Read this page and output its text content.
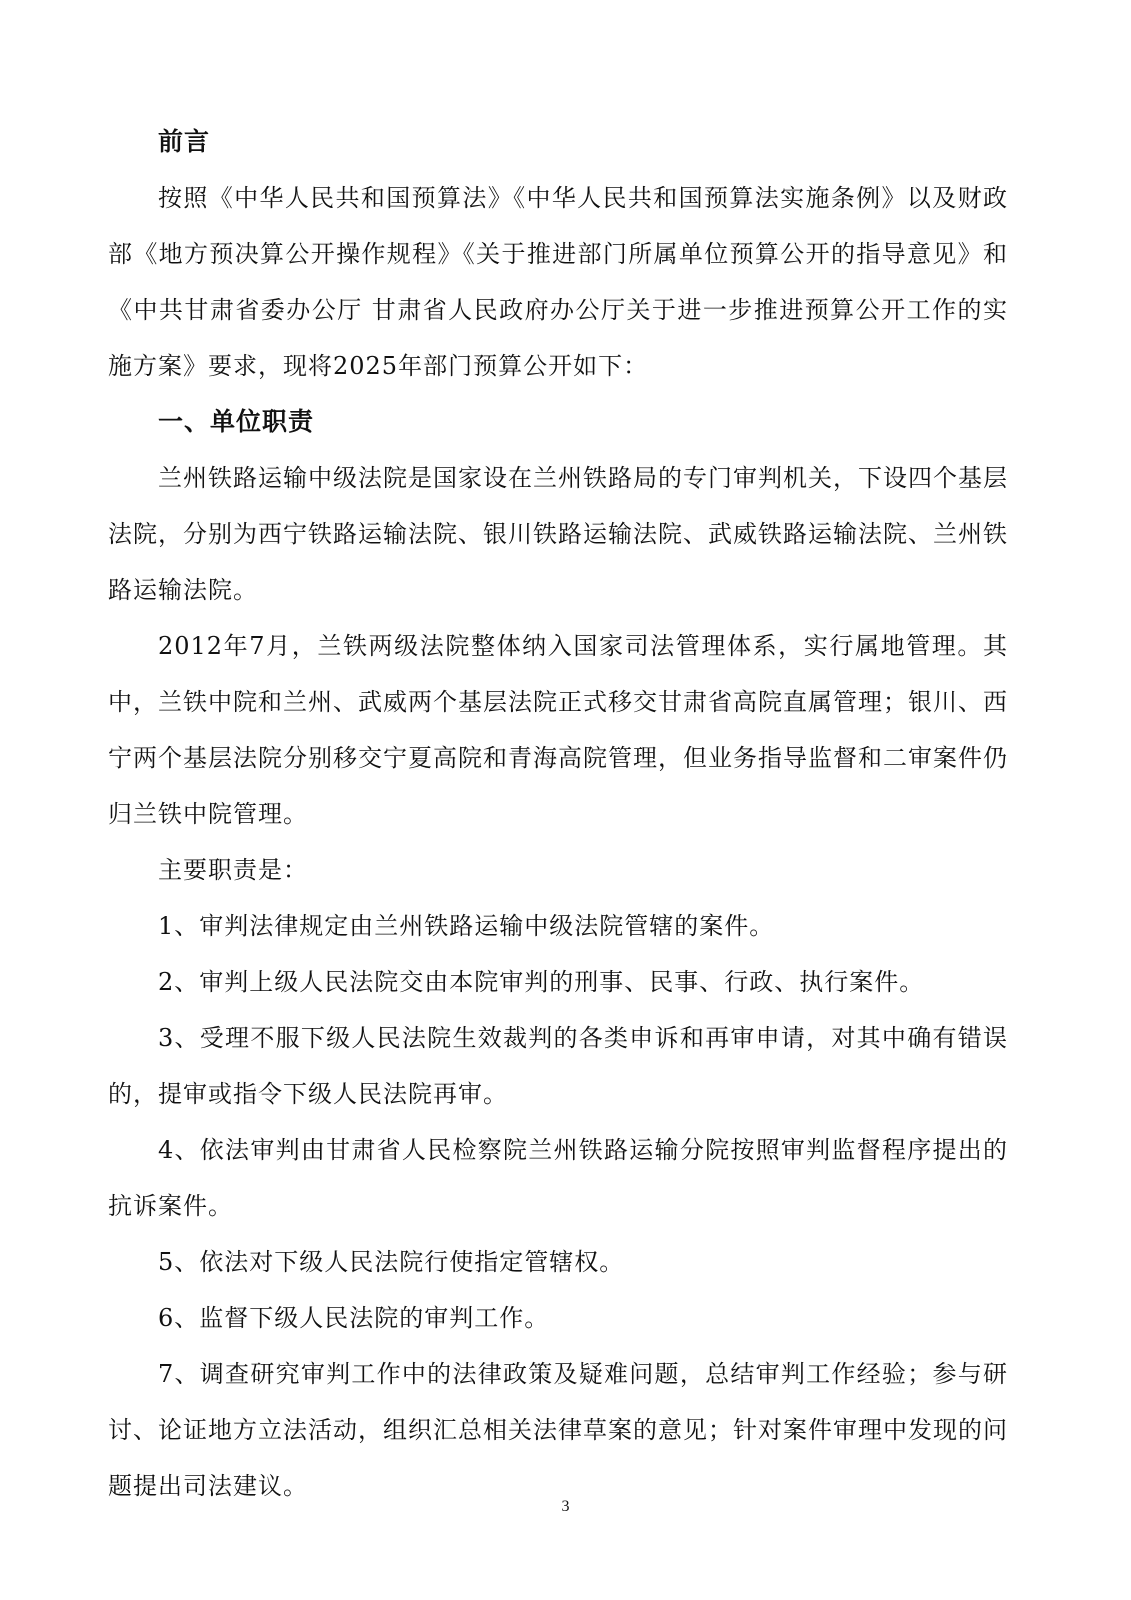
前言

按照《中华人民共和国预算法》《中华人民共和国预算法实施条例》以及财政部《地方预决算公开操作规程》《关于推进部门所属单位预算公开的指导意见》和《中共甘肃省委办公厅 甘肃省人民政府办公厅关于进一步推进预算公开工作的实施方案》要求，现将2025年部门预算公开如下：

一、单位职责

兰州铁路运输中级法院是国家设在兰州铁路局的专门审判机关，下设四个基层法院，分别为西宁铁路运输法院、银川铁路运输法院、武威铁路运输法院、兰州铁路运输法院。

2012年7月，兰铁两级法院整体纳入国家司法管理体系，实行属地管理。其中，兰铁中院和兰州、武威两个基层法院正式移交甘肃省高院直属管理；银川、西宁两个基层法院分别移交宁夏高院和青海高院管理，但业务指导监督和二审案件仍归兰铁中院管理。

主要职责是：

1、审判法律规定由兰州铁路运输中级法院管辖的案件。

2、审判上级人民法院交由本院审判的刑事、民事、行政、执行案件。

3、受理不服下级人民法院生效裁判的各类申诉和再审申请，对其中确有错误的，提审或指令下级人民法院再审。

4、依法审判由甘肃省人民检察院兰州铁路运输分院按照审判监督程序提出的抗诉案件。

5、依法对下级人民法院行使指定管辖权。

6、监督下级人民法院的审判工作。

7、调查研究审判工作中的法律政策及疑难问题，总结审判工作经验；参与研讨、论证地方立法活动，组织汇总相关法律草案的意见；针对案件审理中发现的问题提出司法建议。

3
